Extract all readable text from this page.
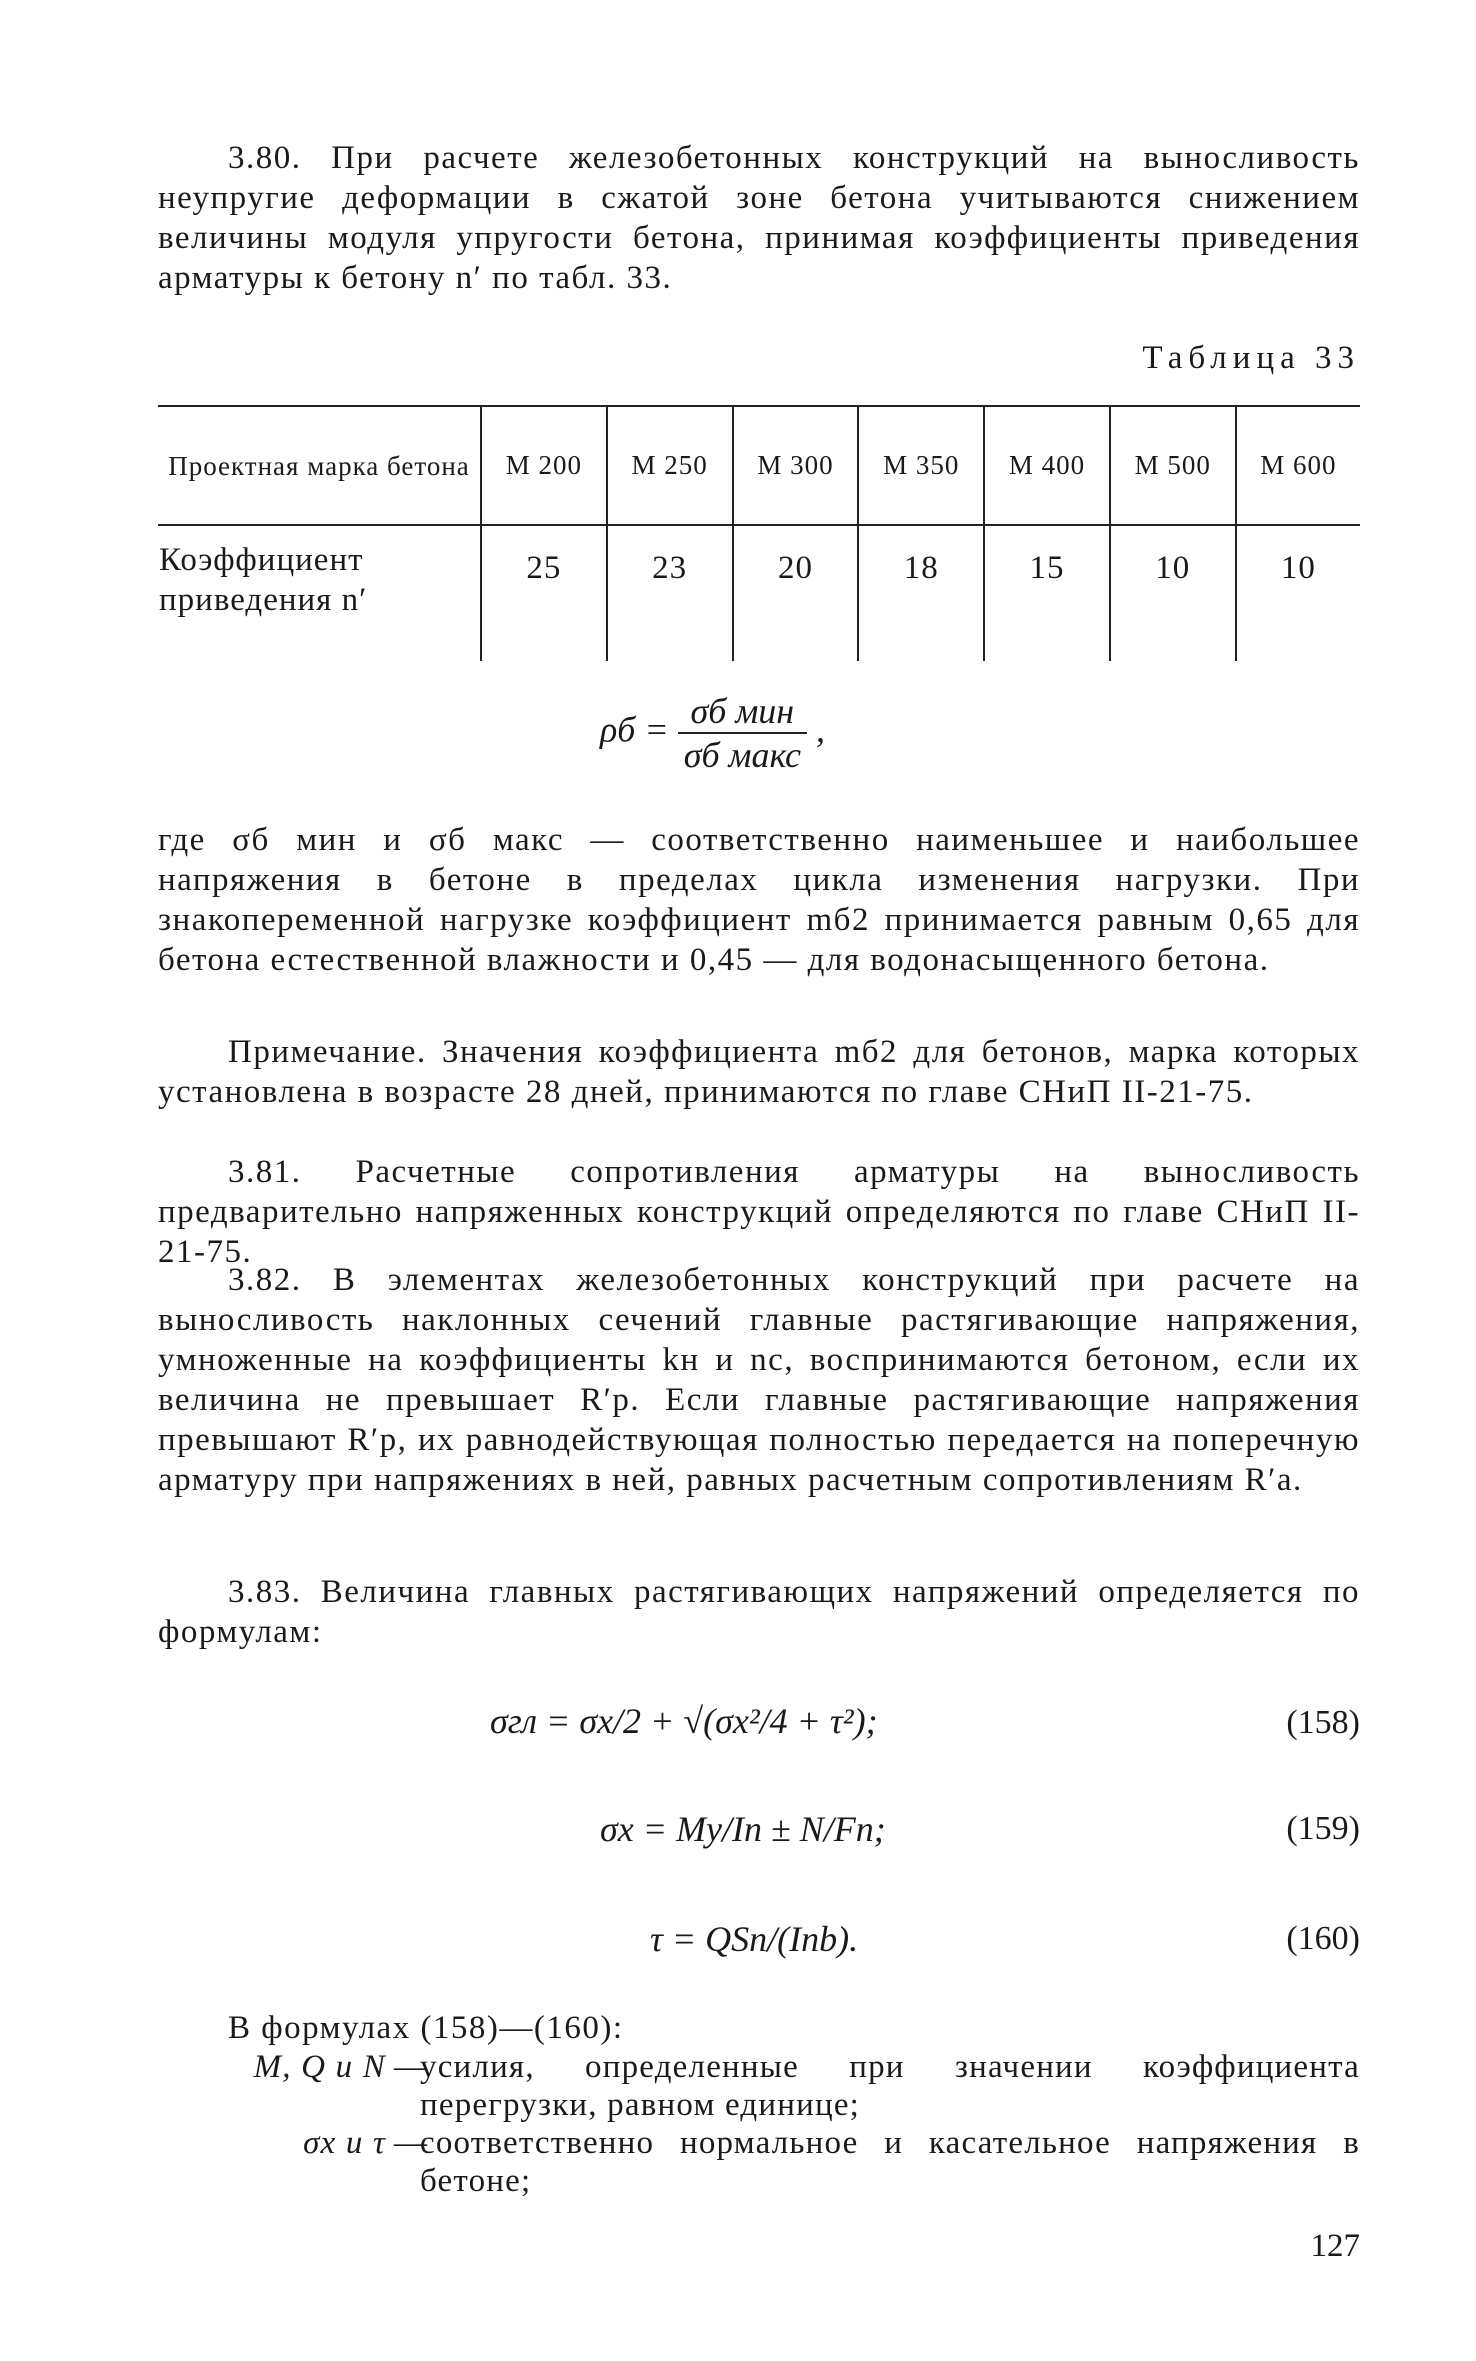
3.80. При расчете железобетонных конструкций на выносливость неупругие деформации в сжатой зоне бетона учитываются снижением величины модуля упругости бетона, принимая коэффициенты приведения арматуры к бетону n′ по табл. 33.
Таблица 33
Проектная марка бетона	М 200	М 250	М 300	М 350	М 400	М 500	М 600
Коэффициент приведения n′	25	23	20	18	15	10	10
$\rho б = \frac{\text{σб мин}}{\text{σб макс}}$ ,
где σб мин и σб макс — соответственно наименьшее и наибольшее напряжения в бетоне в пределах цикла изменения нагрузки. При знакопеременной нагрузке коэффициент mб2 принимается равным 0,65 для бетона естественной влажности и 0,45 — для водонасыщенного бетона.
Примечание. Значения коэффициента mб2 для бетонов, марка которых установлена в возрасте 28 дней, принимаются по главе СНиП II-21-75.
3.81. Расчетные сопротивления арматуры на выносливость предварительно напряженных конструкций определяются по главе СНиП II-21-75.
3.82. В элементах железобетонных конструкций при расчете на выносливость наклонных сечений главные растягивающие напряжения, умноженные на коэффициенты kн и nс, воспринимаются бетоном, если их величина не превышает R′р. Если главные растягивающие напряжения превышают R′р, их равнодействующая полностью передается на поперечную арматуру при напряжениях в ней, равных расчетным сопротивлениям R′а.
3.83. Величина главных растягивающих напряжений определяется по формулам:
σгл = σx/2 + √(σx²/4 + τ²);	(158)
σx = My/Iп ± N/Fп;	(159)
τ = QSп/(Iпb).	(160)
В формулах (158)—(160):
M, Q и N —
усилия, определенные при значении коэффициента перегрузки, равном единице;
σx и τ —
соответственно нормальное и касательное напряжения в бетоне;
127
